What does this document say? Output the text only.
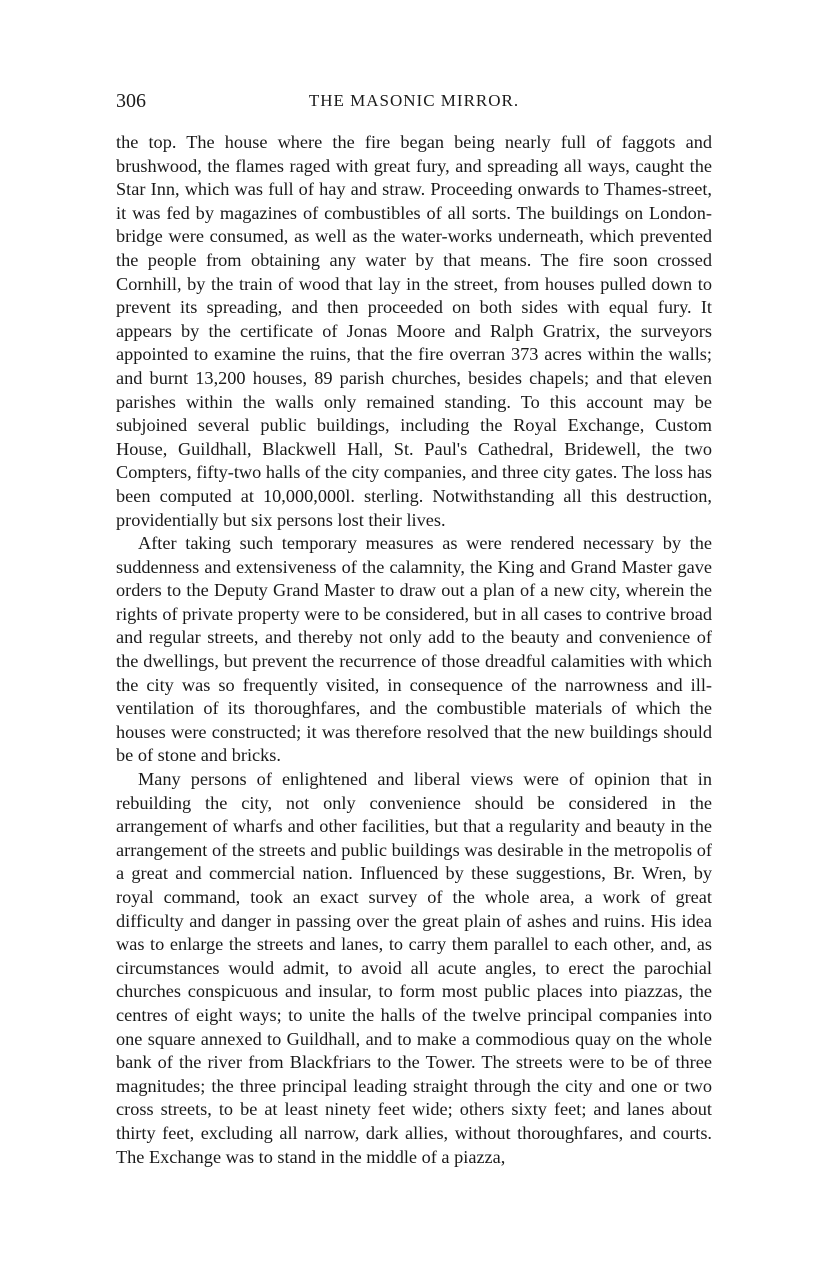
306	THE MASONIC MIRROR.

the top. The house where the fire began being nearly full of faggots and brushwood, the flames raged with great fury, and spreading all ways, caught the Star Inn, which was full of hay and straw. Proceeding onwards to Thames-street, it was fed by magazines of combustibles of all sorts. The buildings on London-bridge were consumed, as well as the water-works underneath, which prevented the people from obtaining any water by that means. The fire soon crossed Cornhill, by the train of wood that lay in the street, from houses pulled down to prevent its spreading, and then proceeded on both sides with equal fury. It appears by the certificate of Jonas Moore and Ralph Gratrix, the surveyors appointed to examine the ruins, that the fire overran 373 acres within the walls; and burnt 13,200 houses, 89 parish churches, besides chapels; and that eleven parishes within the walls only remained standing. To this account may be subjoined several public buildings, including the Royal Exchange, Custom House, Guildhall, Blackwell Hall, St. Paul's Cathedral, Bridewell, the two Compters, fifty-two halls of the city companies, and three city gates. The loss has been computed at 10,000,000l. sterling. Notwithstanding all this destruction, providentially but six persons lost their lives.

After taking such temporary measures as were rendered necessary by the suddenness and extensiveness of the calamnity, the King and Grand Master gave orders to the Deputy Grand Master to draw out a plan of a new city, wherein the rights of private property were to be considered, but in all cases to contrive broad and regular streets, and thereby not only add to the beauty and convenience of the dwellings, but prevent the recurrence of those dreadful calamities with which the city was so frequently visited, in consequence of the narrowness and ill-ventilation of its thoroughfares, and the combustible materials of which the houses were constructed; it was therefore resolved that the new buildings should be of stone and bricks.

Many persons of enlightened and liberal views were of opinion that in rebuilding the city, not only convenience should be considered in the arrangement of wharfs and other facilities, but that a regularity and beauty in the arrangement of the streets and public buildings was desirable in the metropolis of a great and commercial nation. Influenced by these suggestions, Br. Wren, by royal command, took an exact survey of the whole area, a work of great difficulty and danger in passing over the great plain of ashes and ruins. His idea was to enlarge the streets and lanes, to carry them parallel to each other, and, as circumstances would admit, to avoid all acute angles, to erect the parochial churches conspicuous and insular, to form most public places into piazzas, the centres of eight ways; to unite the halls of the twelve principal companies into one square annexed to Guildhall, and to make a commodious quay on the whole bank of the river from Blackfriars to the Tower. The streets were to be of three magnitudes; the three principal leading straight through the city and one or two cross streets, to be at least ninety feet wide; others sixty feet; and lanes about thirty feet, excluding all narrow, dark allies, without thoroughfares, and courts. The Exchange was to stand in the middle of a piazza,
